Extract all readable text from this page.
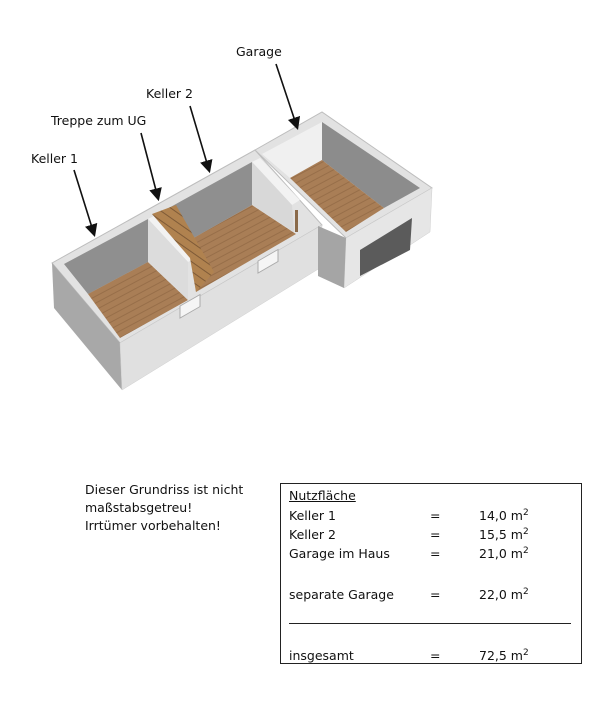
Garage
Keller 2
Treppe zum UG
Keller 1
Dieser Grundriss ist nicht
maßstabsgetreu!
Irrtümer vorbehalten!
Nutzfläche
Keller 1	=	14,0 $m^2$
Keller 2	=	15,5 $m^2$
Garage im Haus	=	21,0 $m^2$
separate Garage	=	22,0 $m^2$
insgesamt	=	72,5 $m^2$
